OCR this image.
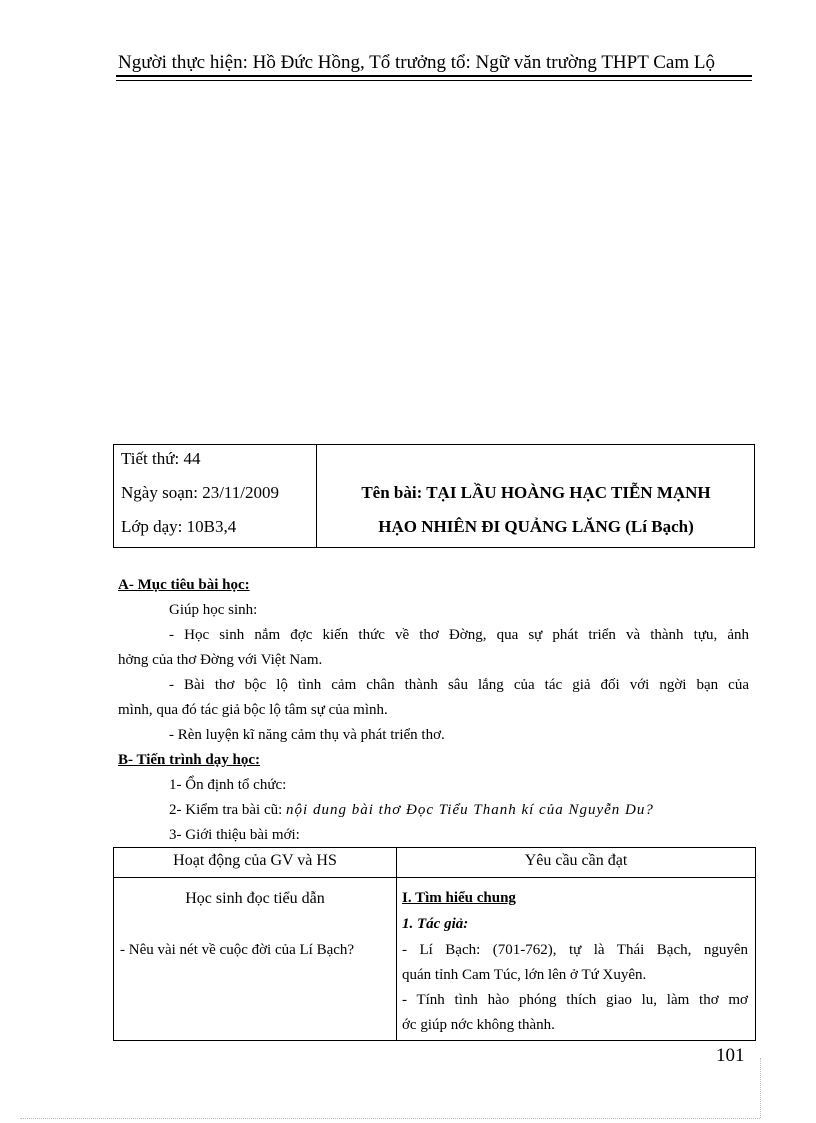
Người thực hiện: Hồ Đức Hồng, Tổ trưởng tổ: Ngữ văn trường THPT Cam Lộ
Tiết thứ: 44
Ngày soạn: 23/11/2009
Lớp dạy: 10B3,4
Tên bài: TẠI LẦU HOÀNG HẠC TIỄN MẠNH
HẠO NHIÊN ĐI QUẢNG LĂNG (Lí Bạch)
A- Mục tiêu bài học:
Giúp học sinh:
- Học sinh nắm đợc kiến thức về thơ Đờng, qua sự phát triển và thành tựu, ảnh
hởng của thơ Đờng với Việt Nam.
- Bài thơ bộc lộ tình cảm chân thành sâu lắng của tác giả đối với ngời bạn của
mình, qua đó tác giả bộc lộ tâm sự của mình.
- Rèn luyện kĩ năng cảm thụ và phát triển thơ.
B- Tiến trình dạy học:
1- Ổn định tổ chức:
2- Kiểm tra bài cũ: nội dung bài thơ Đọc Tiểu Thanh kí của Nguyễn Du?
3- Giới thiệu bài mới:
Hoạt động của GV và HS	Yêu cầu cần đạt
Học sinh đọc tiểu dẫn
- Nêu vài nét về cuộc đời của Lí Bạch?
I. Tìm hiểu chung
1. Tác giả:
- Lí Bạch: (701-762), tự là Thái Bạch, nguyên
quán tỉnh Cam Túc, lớn lên ở Tứ Xuyên.
- Tính tình hào phóng thích giao lu, làm thơ mơ
ớc giúp nớc không thành.
101
